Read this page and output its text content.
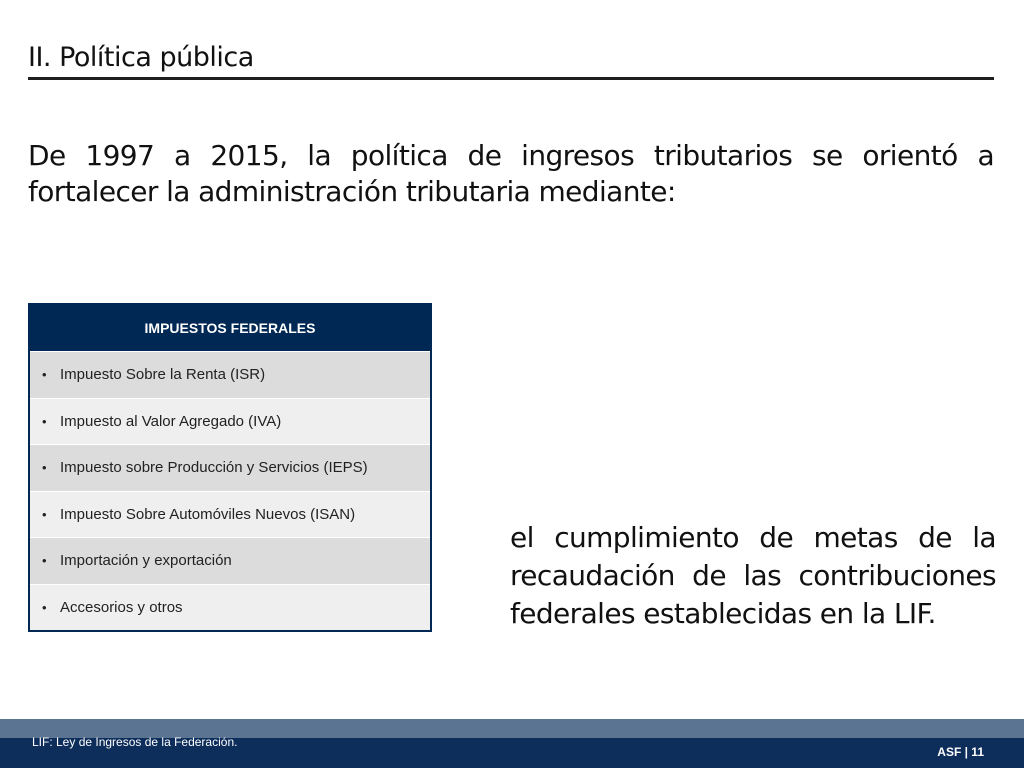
II. Política pública

De 1997 a 2015, la política de ingresos tributarios se orientó a fortalecer la administración tributaria mediante:

IMPUESTOS FEDERALES
• Impuesto Sobre la Renta (ISR)
• Impuesto al Valor Agregado (IVA)
• Impuesto sobre Producción y Servicios (IEPS)
• Impuesto Sobre Automóviles Nuevos (ISAN)
• Importación y exportación
• Accesorios y otros

el cumplimiento de metas de la recaudación de las contribuciones federales establecidas en la LIF.

LIF: Ley de Ingresos de la Federación.
ASF | 11
